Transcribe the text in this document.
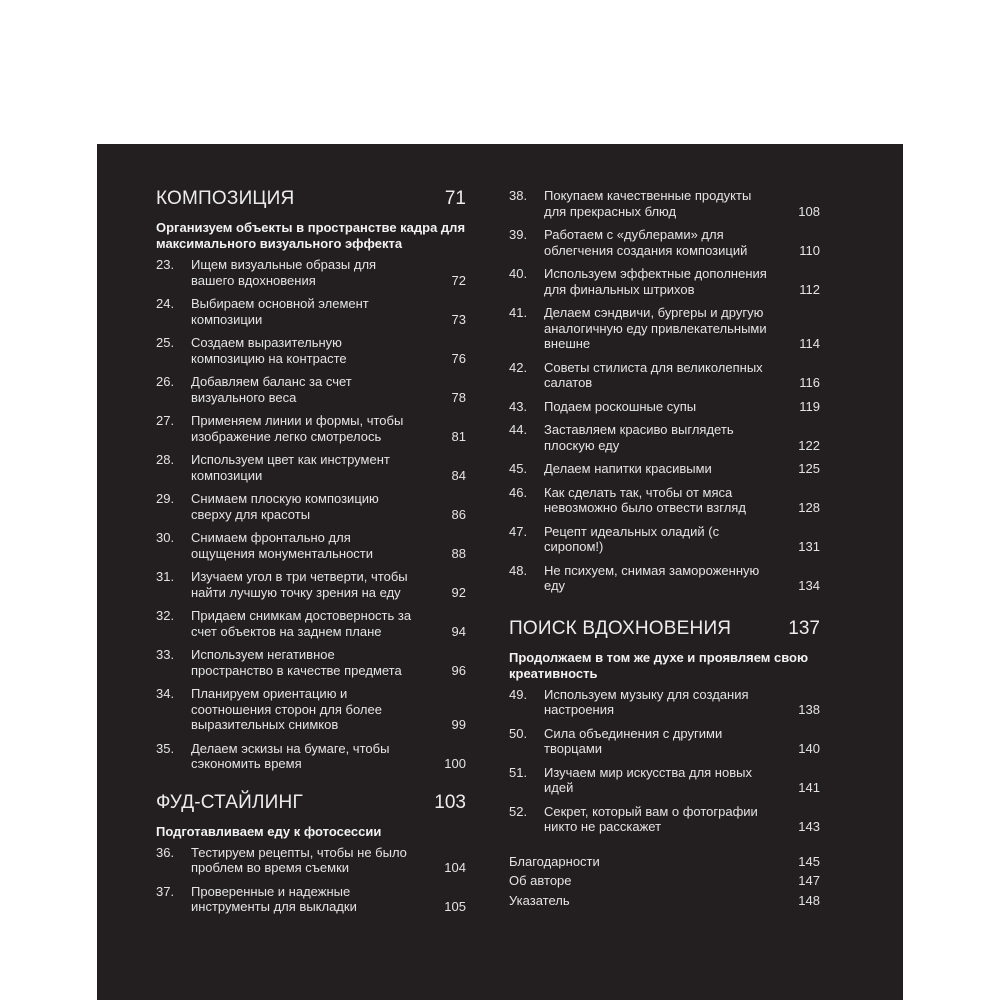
КОМПОЗИЦИЯ	71
Организуем объекты в пространстве кадра для максимального визуального эффекта
23.	Ищем визуальные образы для вашего вдохновения	72
24.	Выбираем основной элемент композиции	73
25.	Создаем выразительную композицию на контрасте	76
26.	Добавляем баланс за счет визуального веса	78
27.	Применяем линии и формы, чтобы изображение легко смотрелось	81
28.	Используем цвет как инструмент композиции	84
29.	Снимаем плоскую композицию сверху для красоты	86
30.	Снимаем фронтально для ощущения монументальности	88
31.	Изучаем угол в три четверти, чтобы найти лучшую точку зрения на еду	92
32.	Придаем снимкам достоверность за счет объектов на заднем плане	94
33.	Используем негативное пространство в качестве предмета	96
34.	Планируем ориентацию и соотношения сторон для более выразительных снимков	99
35.	Делаем эскизы на бумаге, чтобы сэкономить время	100
ФУД-СТАЙЛИНГ	103
Подготавливаем еду к фотосессии
36.	Тестируем рецепты, чтобы не было проблем во время съемки	104
37.	Проверенные и надежные инструменты для выкладки	105
38.	Покупаем качественные продукты для прекрасных блюд	108
39.	Работаем с «дублерами» для облегчения создания композиций	110
40.	Используем эффектные дополнения для финальных штрихов	112
41.	Делаем сэндвичи, бургеры и другую аналогичную еду привлекательными внешне	114
42.	Советы стилиста для великолепных салатов	116
43.	Подаем роскошные супы	119
44.	Заставляем красиво выглядеть плоскую еду	122
45.	Делаем напитки красивыми	125
46.	Как сделать так, чтобы от мяса невозможно было отвести взгляд	128
47.	Рецепт идеальных оладий (с сиропом!)	131
48.	Не психуем, снимая замороженную еду	134
ПОИСК ВДОХНОВЕНИЯ	137
Продолжаем в том же духе и проявляем свою креативность
49.	Используем музыку для создания настроения	138
50.	Сила объединения с другими творцами	140
51.	Изучаем мир искусства для новых идей	141
52.	Секрет, который вам о фотографии никто не расскажет	143
Благодарности	145
Об авторе	147
Указатель	148
